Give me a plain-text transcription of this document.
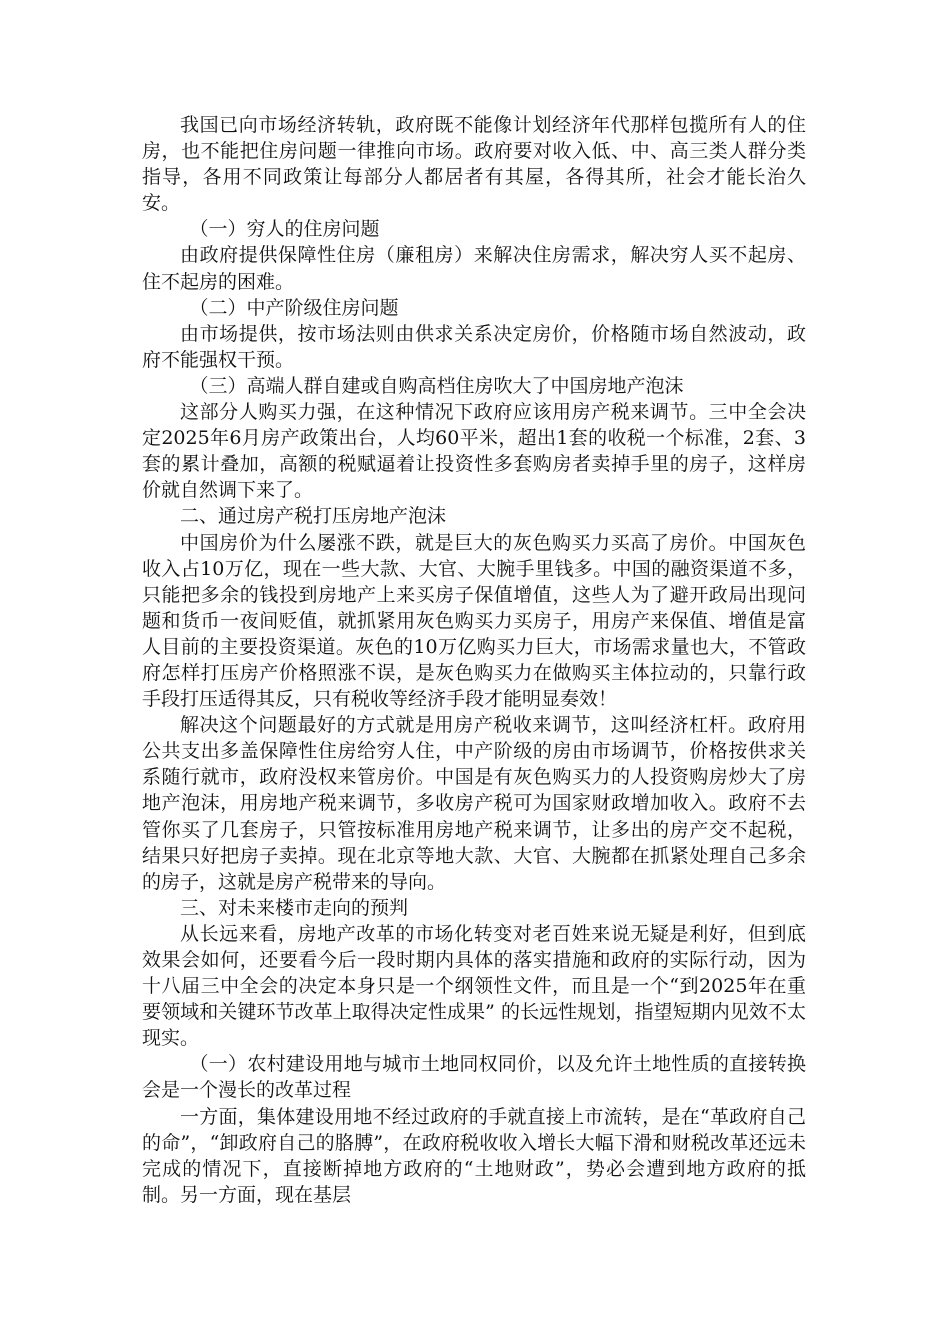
我国已向市场经济转轨，政府既不能像计划经济年代那样包揽所有人的住房，也不能把住房问题一律推向市场。政府要对收入低、中、高三类人群分类指导，各用不同政策让每部分人都居者有其屋，各得其所，社会才能长治久安。

（一）穷人的住房问题

由政府提供保障性住房（廉租房）来解决住房需求，解决穷人买不起房、住不起房的困难。

（二）中产阶级住房问题

由市场提供，按市场法则由供求关系决定房价，价格随市场自然波动，政府不能强权干预。

（三）高端人群自建或自购高档住房吹大了中国房地产泡沫

这部分人购买力强，在这种情况下政府应该用房产税来调节。三中全会决定2025年6月房产政策出台，人均60平米，超出1套的收税一个标准，2套、3套的累计叠加，高额的税赋逼着让投资性多套购房者卖掉手里的房子，这样房价就自然调下来了。

二、通过房产税打压房地产泡沫

中国房价为什么屡涨不跌，就是巨大的灰色购买力买高了房价。中国灰色收入占10万亿，现在一些大款、大官、大腕手里钱多。中国的融资渠道不多，只能把多余的钱投到房地产上来买房子保值增值，这些人为了避开政局出现问题和货币一夜间贬值，就抓紧用灰色购买力买房子，用房产来保值、增值是富人目前的主要投资渠道。灰色的10万亿购买力巨大，市场需求量也大，不管政府怎样打压房产价格照涨不误，是灰色购买力在做购买主体拉动的，只靠行政手段打压适得其反，只有税收等经济手段才能明显奏效！

解决这个问题最好的方式就是用房产税收来调节，这叫经济杠杆。政府用公共支出多盖保障性住房给穷人住，中产阶级的房由市场调节，价格按供求关系随行就市，政府没权来管房价。中国是有灰色购买力的人投资购房炒大了房地产泡沫，用房地产税来调节，多收房产税可为国家财政增加收入。政府不去管你买了几套房子，只管按标准用房地产税来调节，让多出的房产交不起税，结果只好把房子卖掉。现在北京等地大款、大官、大腕都在抓紧处理自己多余的房子，这就是房产税带来的导向。

三、对未来楼市走向的预判

从长远来看，房地产改革的市场化转变对老百姓来说无疑是利好，但到底效果会如何，还要看今后一段时期内具体的落实措施和政府的实际行动，因为十八届三中全会的决定本身只是一个纲领性文件，而且是一个“到2025年在重要领域和关键环节改革上取得决定性成果” 的长远性规划，指望短期内见效不太现实。

（一）农村建设用地与城市土地同权同价，以及允许土地性质的直接转换会是一个漫长的改革过程

一方面，集体建设用地不经过政府的手就直接上市流转，是在“革政府自己的命”，“卸政府自己的胳膊”，在政府税收收入增长大幅下滑和财税改革还远未完成的情况下，直接断掉地方政府的“土地财政”，势必会遭到地方政府的抵制。另一方面，现在基层
